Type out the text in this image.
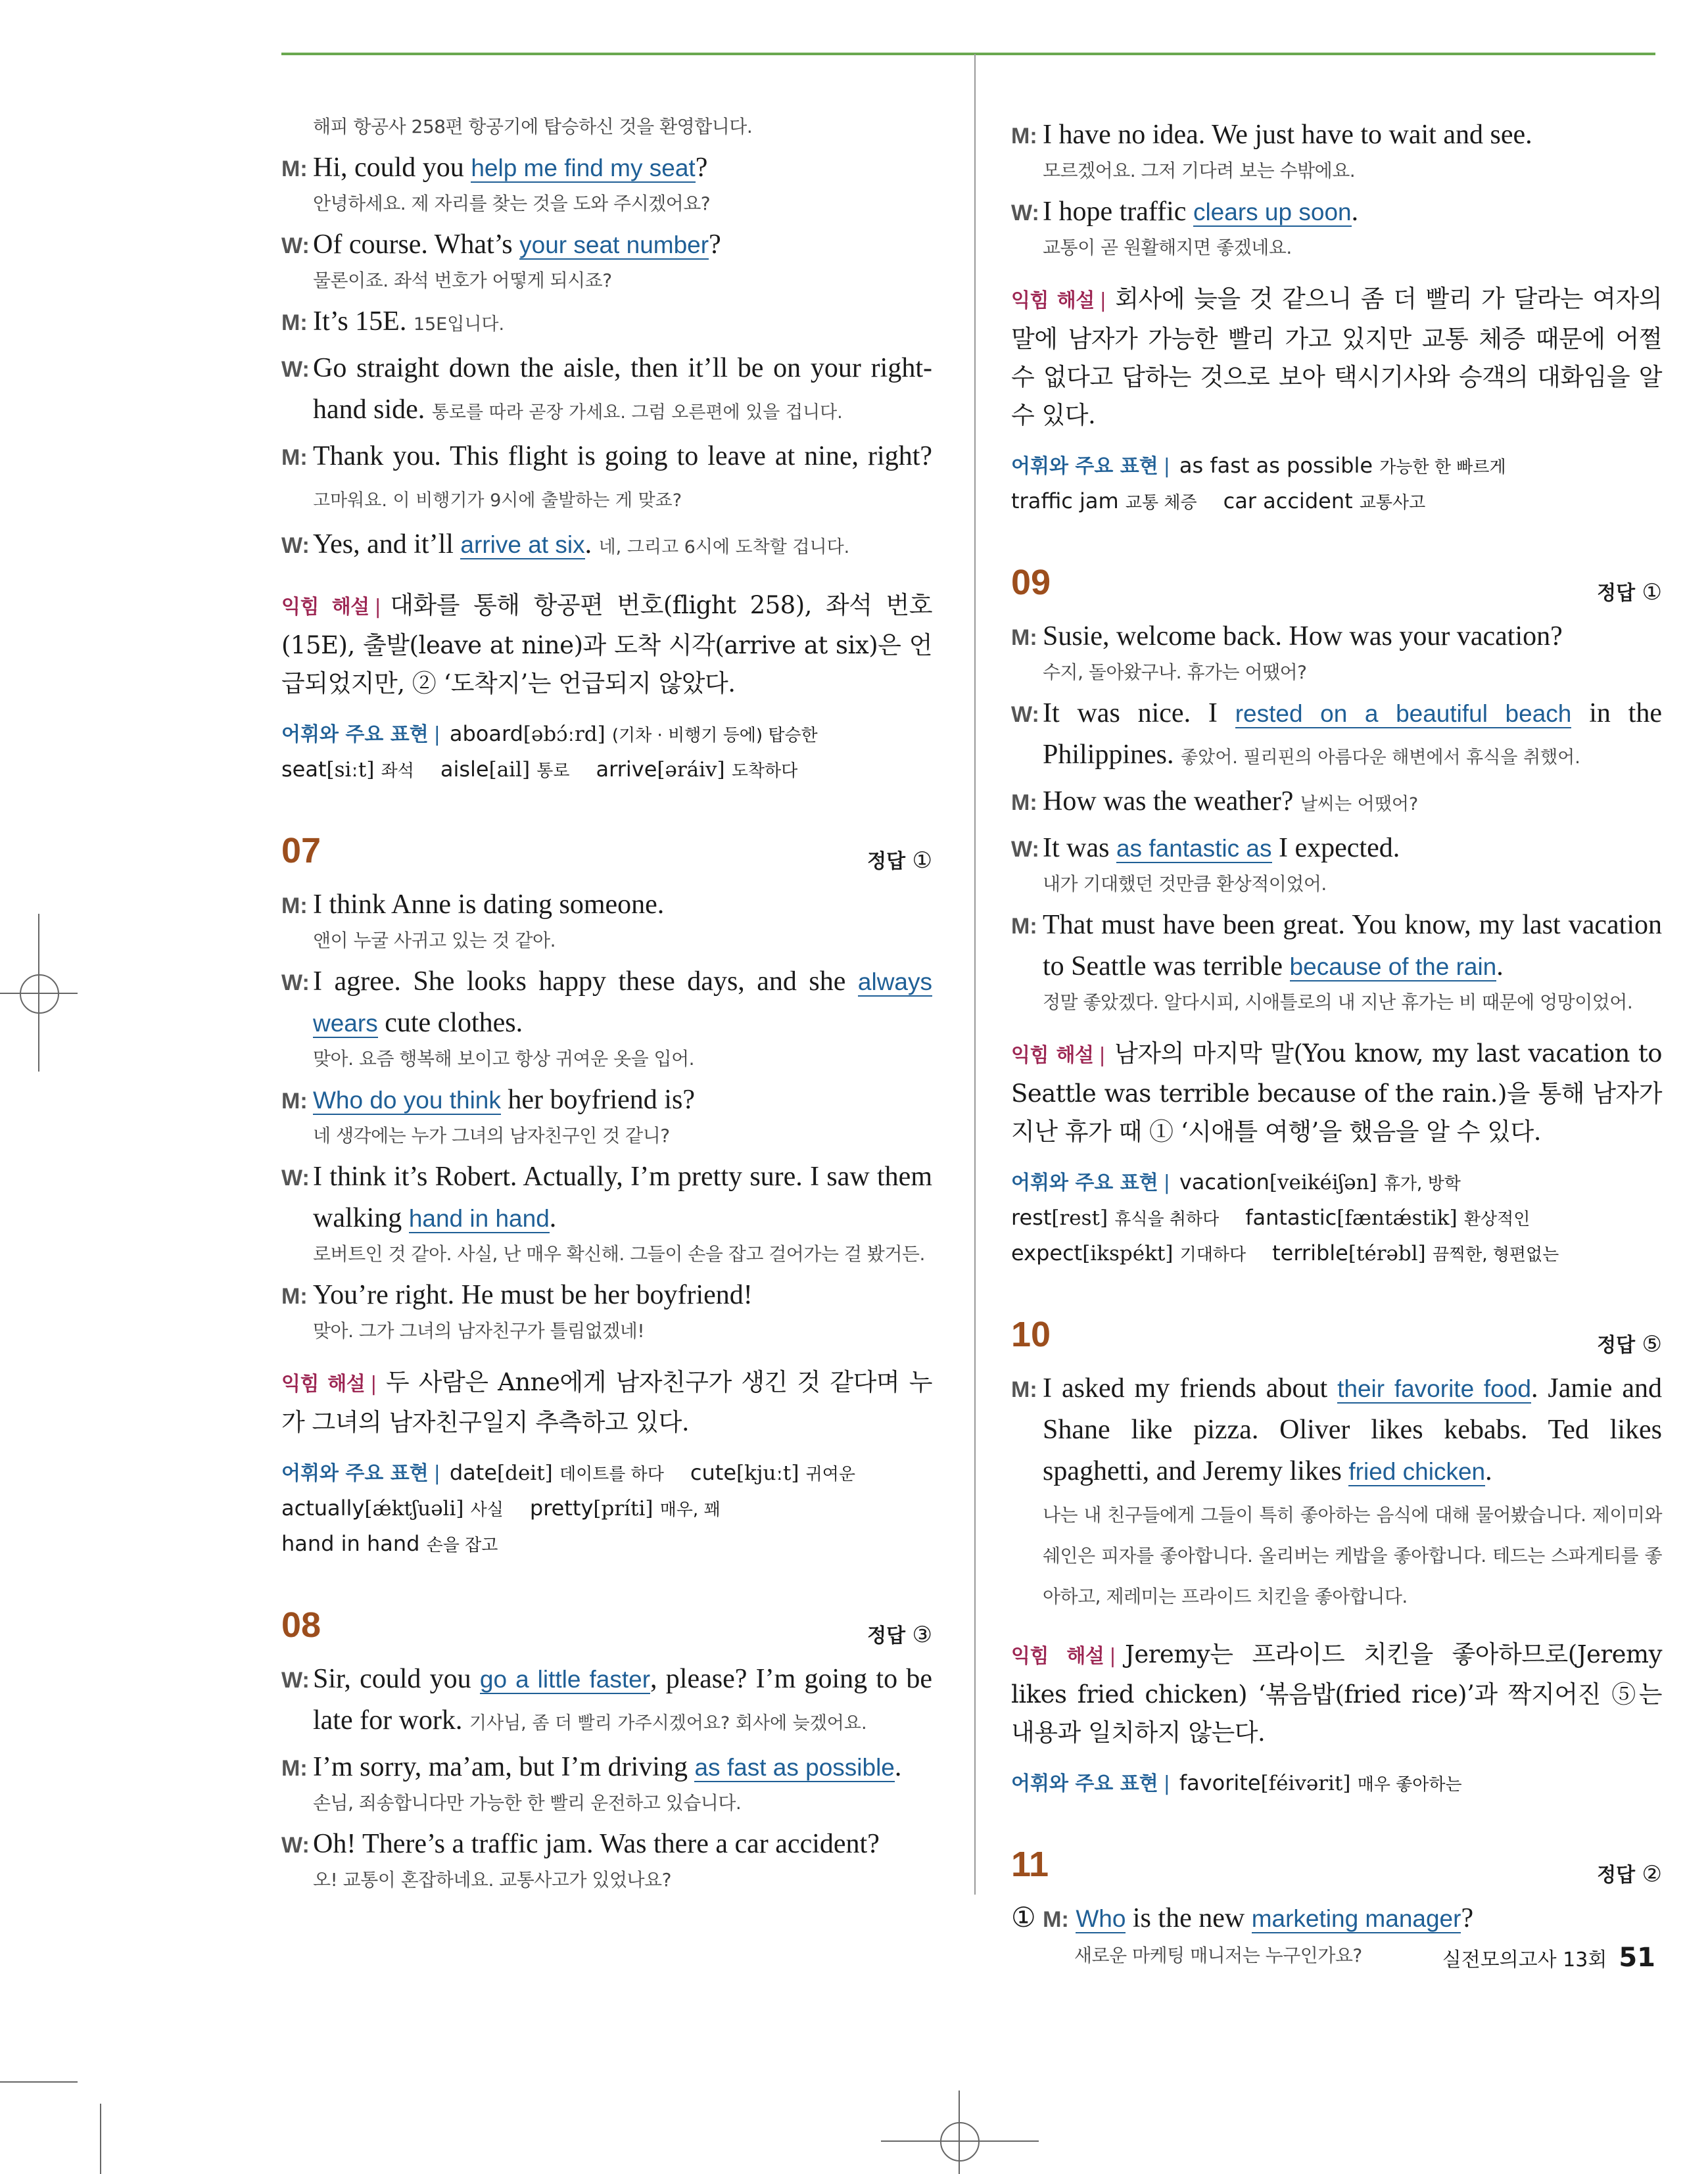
해피 항공사 258편 항공기에 탑승하신 것을 환영합니다.
M: Hi, could you help me find my seat?
안녕하세요. 제 자리를 찾는 것을 도와 주시겠어요?
W: Of course. What’s your seat number?
물론이죠. 좌석 번호가 어떻게 되시죠?
M: It’s 15E. 15E입니다.
W: Go straight down the aisle, then it’ll be on your right-hand side. 통로를 따라 곧장 가세요. 그럼 오른편에 있을 겁니다.
M: Thank you. This flight is going to leave at nine, right? 고마워요. 이 비행기가 9시에 출발하는 게 맞죠?
W: Yes, and it’ll arrive at six. 네, 그리고 6시에 도착할 겁니다.
익힘 해설 | 대화를 통해 항공편 번호(flight 258), 좌석 번호(15E), 출발(leave at nine)과 도착 시각(arrive at six)은 언급되었지만, ② ‘도착지’는 언급되지 않았다.
어휘와 주요 표현 | aboard[əbɔ́ːrd] (기차 · 비행기 등에) 탑승한
seat[siːt] 좌석 aisle[ail] 통로 arrive[əráiv] 도착하다
07	정답 ①
M: I think Anne is dating someone.
앤이 누굴 사귀고 있는 것 같아.
W: I agree. She looks happy these days, and she always wears cute clothes.
맞아. 요즘 행복해 보이고 항상 귀여운 옷을 입어.
M: Who do you think her boyfriend is?
네 생각에는 누가 그녀의 남자친구인 것 같니?
W: I think it’s Robert. Actually, I’m pretty sure. I saw them walking hand in hand.
로버트인 것 같아. 사실, 난 매우 확신해. 그들이 손을 잡고 걸어가는 걸 봤거든.
M: You’re right. He must be her boyfriend!
맞아. 그가 그녀의 남자친구가 틀림없겠네!
익힘 해설 | 두 사람은 Anne에게 남자친구가 생긴 것 같다며 누가 그녀의 남자친구일지 추측하고 있다.
어휘와 주요 표현 | date[deit] 데이트를 하다 cute[kjuːt] 귀여운
actually[ǽktʃuəli] 사실 pretty[príti] 매우, 꽤
hand in hand 손을 잡고
08	정답 ③
W: Sir, could you go a little faster, please? I’m going to be late for work. 기사님, 좀 더 빨리 가주시겠어요? 회사에 늦겠어요.
M: I’m sorry, ma’am, but I’m driving as fast as possible.
손님, 죄송합니다만 가능한 한 빨리 운전하고 있습니다.
W: Oh! There’s a traffic jam. Was there a car accident?
오! 교통이 혼잡하네요. 교통사고가 있었나요?
M: I have no idea. We just have to wait and see.
모르겠어요. 그저 기다려 보는 수밖에요.
W: I hope traffic clears up soon.
교통이 곧 원활해지면 좋겠네요.
익힘 해설 | 회사에 늦을 것 같으니 좀 더 빨리 가 달라는 여자의 말에 남자가 가능한 빨리 가고 있지만 교통 체증 때문에 어쩔 수 없다고 답하는 것으로 보아 택시기사와 승객의 대화임을 알 수 있다.
어휘와 주요 표현 | as fast as possible 가능한 한 빠르게
traffic jam 교통 체증 car accident 교통사고
09	정답 ①
M: Susie, welcome back. How was your vacation?
수지, 돌아왔구나. 휴가는 어땠어?
W: It was nice. I rested on a beautiful beach in the Philippines. 좋았어. 필리핀의 아름다운 해변에서 휴식을 취했어.
M: How was the weather? 날씨는 어땠어?
W: It was as fantastic as I expected.
내가 기대했던 것만큼 환상적이었어.
M: That must have been great. You know, my last vacation to Seattle was terrible because of the rain.
정말 좋았겠다. 알다시피, 시애틀로의 내 지난 휴가는 비 때문에 엉망이었어.
익힘 해설 | 남자의 마지막 말(You know, my last vacation to Seattle was terrible because of the rain.)을 통해 남자가 지난 휴가 때 ① ‘시애틀 여행’을 했음을 알 수 있다.
어휘와 주요 표현 | vacation[veikéiʃən] 휴가, 방학
rest[rest] 휴식을 취하다 fantastic[fæntǽstik] 환상적인
expect[ikspékt] 기대하다 terrible[térəbl] 끔찍한, 형편없는
10	정답 ⑤
M: I asked my friends about their favorite food. Jamie and Shane like pizza. Oliver likes kebabs. Ted likes spaghetti, and Jeremy likes fried chicken.
나는 내 친구들에게 그들이 특히 좋아하는 음식에 대해 물어봤습니다. 제이미와 쉐인은 피자를 좋아합니다. 올리버는 케밥을 좋아합니다. 테드는 스파게티를 좋아하고, 제레미는 프라이드 치킨을 좋아합니다.
익힘 해설 | Jeremy는 프라이드 치킨을 좋아하므로(Jeremy likes fried chicken) ‘볶음밥(fried rice)’과 짝지어진 ⑤는 내용과 일치하지 않는다.
어휘와 주요 표현 | favorite[féivərit] 매우 좋아하는
11	정답 ②
① M: Who is the new marketing manager?
새로운 마케팅 매니저는 누구인가요?	실전모의고사 13회 51
